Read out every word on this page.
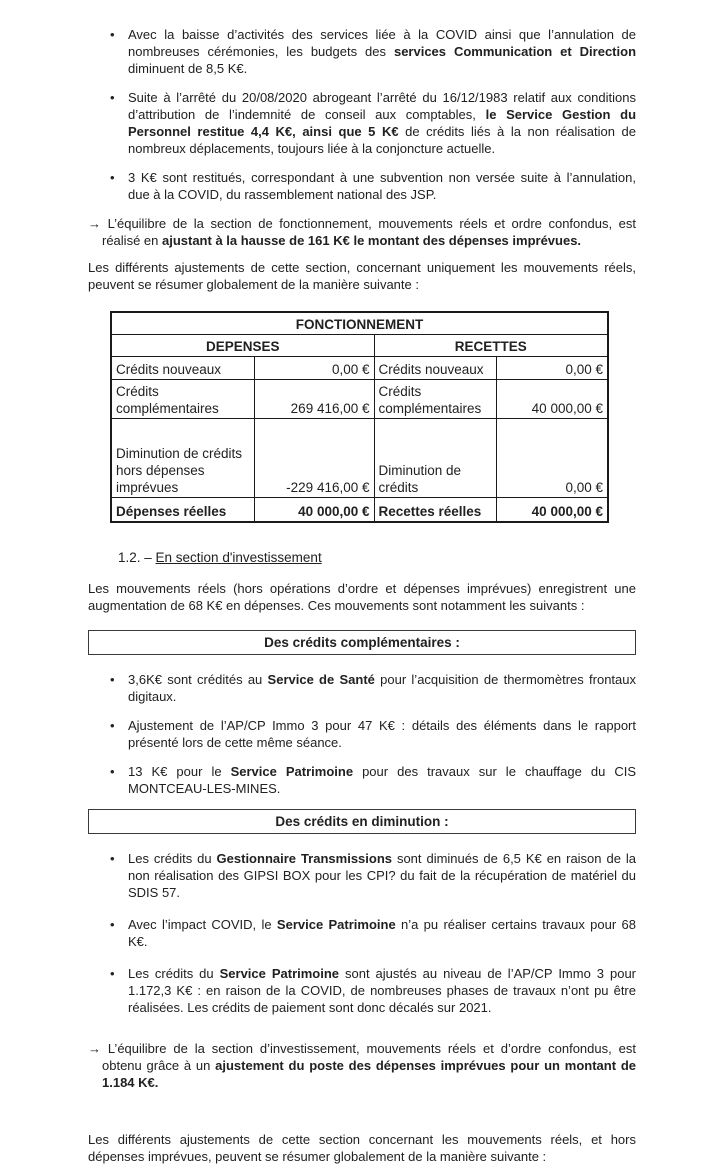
• Avec la baisse d’activités des services liée à la COVID ainsi que l’annulation de nombreuses cérémonies, les budgets des services Communication et Direction diminuent de 8,5 K€.
• Suite à l’arrêté du 20/08/2020 abrogeant l’arrêté du 16/12/1983 relatif aux conditions d’attribution de l’indemnité de conseil aux comptables, le Service Gestion du Personnel restitue 4,4 K€, ainsi que 5 K€ de crédits liés à la non réalisation de nombreux déplacements, toujours liée à la conjoncture actuelle.
• 3 K€ sont restitués, correspondant à une subvention non versée suite à l’annulation, due à la COVID, du rassemblement national des JSP.

→ L’équilibre de la section de fonctionnement, mouvements réels et ordre confondus, est réalisé en ajustant à la hausse de 161 K€ le montant des dépenses imprévues.

Les différents ajustements de cette section, concernant uniquement les mouvements réels, peuvent se résumer globalement de la manière suivante :

FONCTIONNEMENT			
DEPENSES		RECETTES	
Crédits nouveaux	0,00 €	Crédits nouveaux	0,00 €
Crédits complémentaires	269 416,00 €	Crédits complémentaires	40 000,00 €
Diminution de crédits hors dépenses imprévues	-229 416,00 €	Diminution de crédits	0,00 €
Dépenses réelles	40 000,00 €	Recettes réelles	40 000,00 €

1.2. – En section d'investissement

Les mouvements réels (hors opérations d’ordre et dépenses imprévues) enregistrent une augmentation de 68 K€ en dépenses. Ces mouvements sont notamment les suivants :

Des crédits complémentaires :
• 3,6K€ sont crédités au Service de Santé pour l’acquisition de thermomètres frontaux digitaux.
• Ajustement de l’AP/CP Immo 3 pour 47 K€ : détails des éléments dans le rapport présenté lors de cette même séance.
• 13 K€ pour le Service Patrimoine pour des travaux sur le chauffage du CIS MONTCEAU-LES-MINES.
Des crédits en diminution :
• Les crédits du Gestionnaire Transmissions sont diminués de 6,5 K€ en raison de la non réalisation des GIPSI BOX pour les CPI? du fait de la récupération de matériel du SDIS 57.
• Avec l’impact COVID, le Service Patrimoine n’a pu réaliser certains travaux pour 68 K€.
• Les crédits du Service Patrimoine sont ajustés au niveau de l’AP/CP Immo 3 pour 1.172,3 K€ : en raison de la COVID, de nombreuses phases de travaux n’ont pu être réalisées. Les crédits de paiement sont donc décalés sur 2021.

→ L’équilibre de la section d’investissement, mouvements réels et d’ordre confondus, est obtenu grâce à un ajustement du poste des dépenses imprévues pour un montant de 1.184 K€.

Les différents ajustements de cette section concernant les mouvements réels, et hors dépenses imprévues, peuvent se résumer globalement de la manière suivante :
